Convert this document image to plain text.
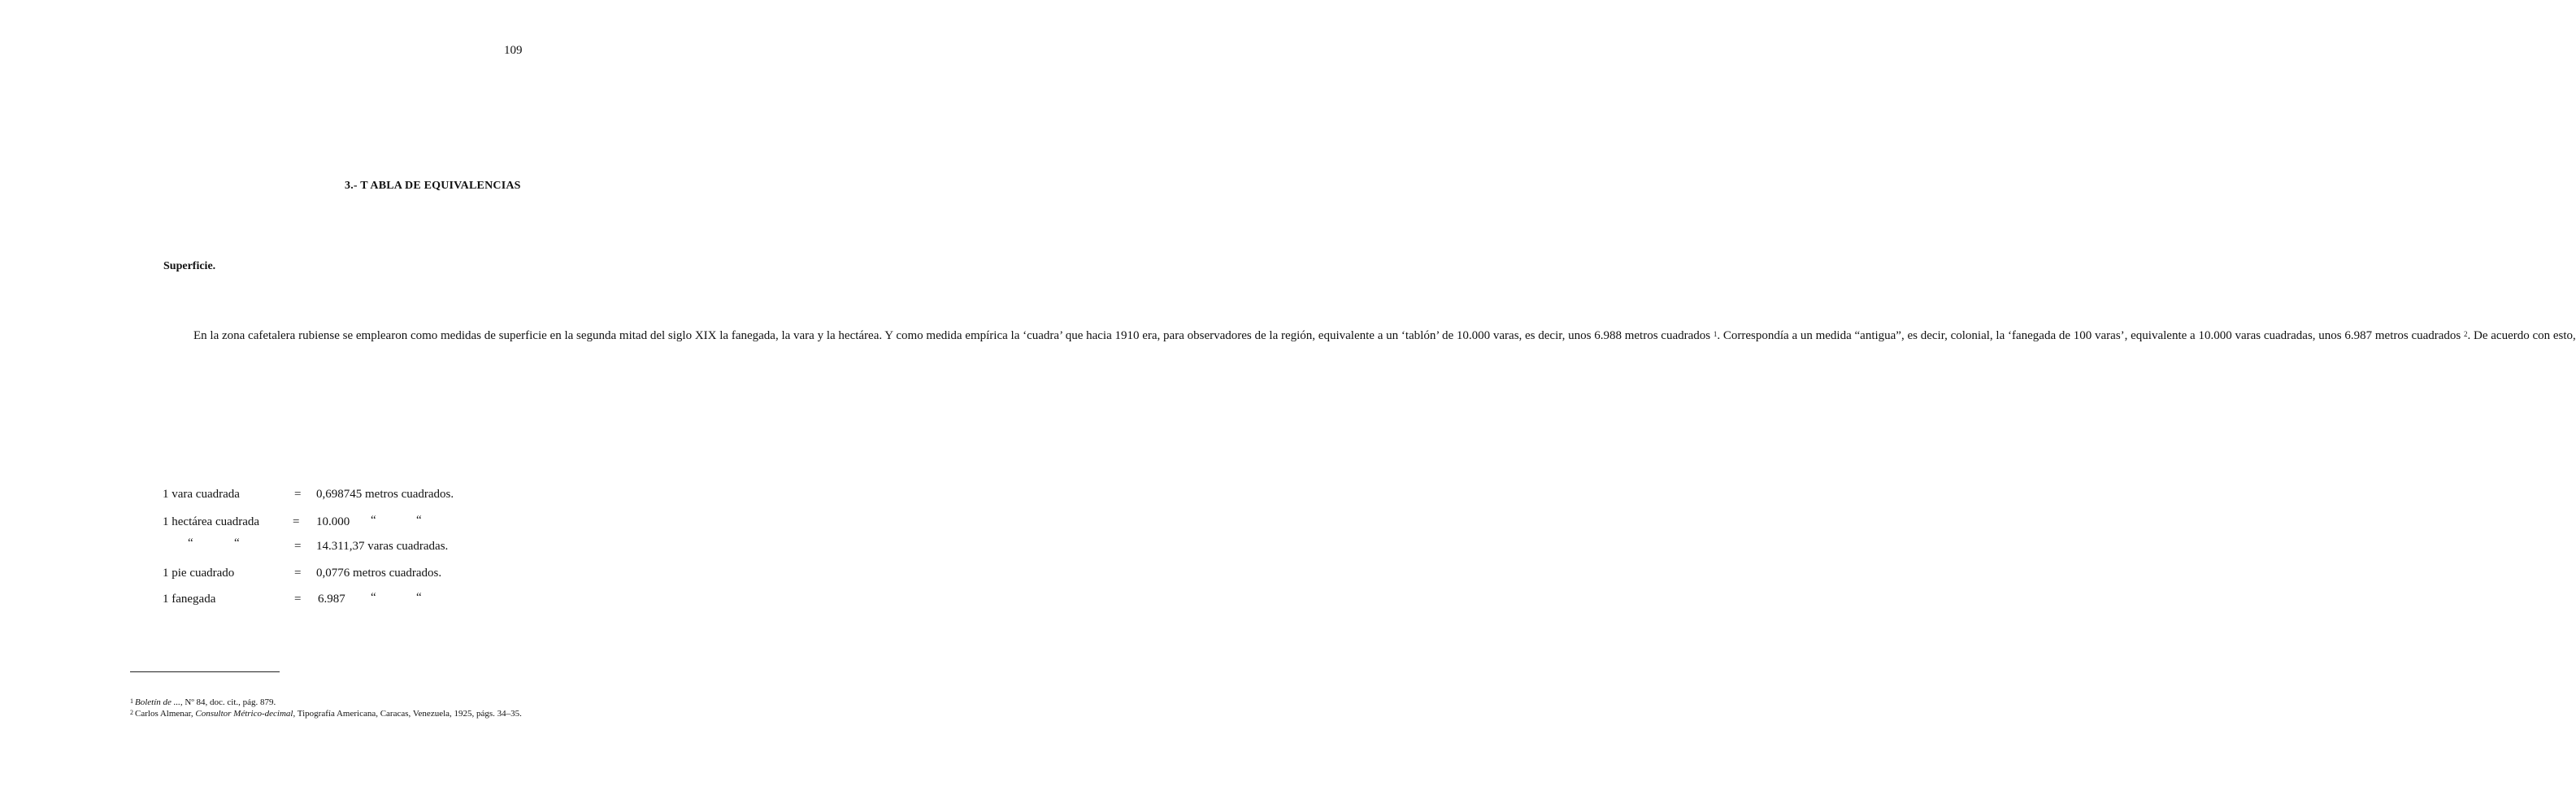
109
3.- T ABLA DE EQUIVALENCIAS
Superficie.

En la zona cafetalera rubiense se emplearon como medidas de superficie en la segunda mitad del siglo XIX la fanegada, la vara y la hectárea. Y como medida empírica la ‘cuadra’ que hacia 1910 era, para observadores de la región, equivalente a un ‘tablón’ de 10.000 varas, es decir, unos 6.988 metros cuadrados $^1$. Correspondía a un medida “antigua”, es decir, colonial, la ‘fanegada de 100 varas’, equivalente a 10.000 varas cuadradas, unos 6.987 metros cuadrados $^2$. De acuerdo con esto,

1 vara cuadrada	= 0,698745 metros cuadrados.
1 hectárea cuadrada	= 10.000 “	“
“	“	= 14.311,37 varas cuadradas.
1 pie cuadrado	= 0,0776 metros cuadrados.
1 fanegada	= 6.987 “	“
$^1$ Boletín de ..., Nº 84, doc. cit., pág. 879.
$^2$ Carlos Almenar, Consultor Métrico-decimal, Tipografía Americana, Caracas, Venezuela, 1925, págs. 34–35.
